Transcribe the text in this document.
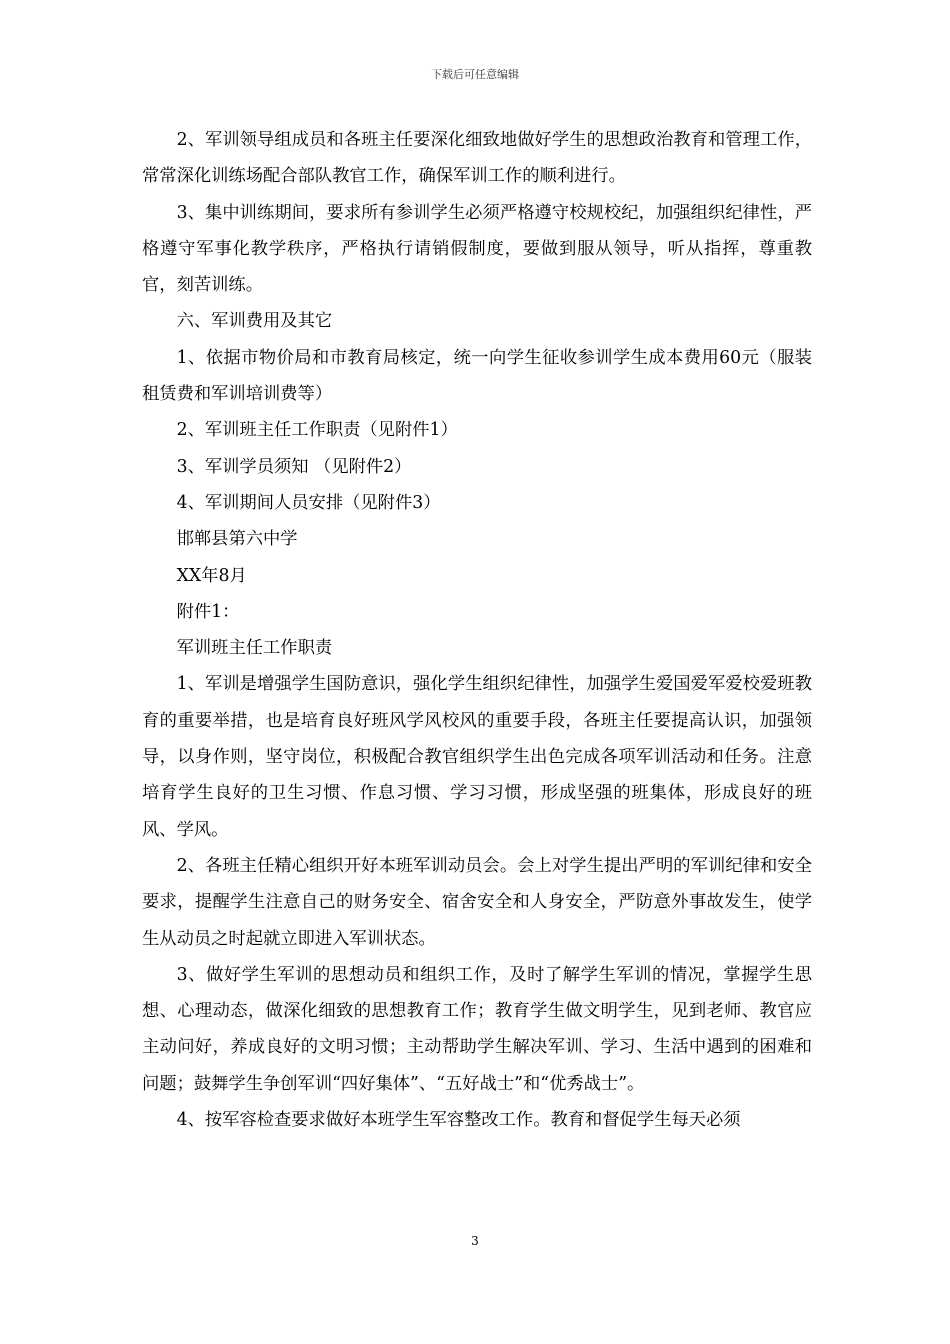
下载后可任意编辑

2、军训领导组成员和各班主任要深化细致地做好学生的思想政治教育和管理工作，常常深化训练场配合部队教官工作，确保军训工作的顺利进行。

3、集中训练期间，要求所有参训学生必须严格遵守校规校纪，加强组织纪律性，严格遵守军事化教学秩序，严格执行请销假制度，要做到服从领导，听从指挥，尊重教官，刻苦训练。

六、军训费用及其它

1、依据市物价局和市教育局核定，统一向学生征收参训学生成本费用60元（服装租赁费和军训培训费等）

2、军训班主任工作职责（见附件1）

3、军训学员须知 （见附件2）

4、军训期间人员安排（见附件3）

邯郸县第六中学

XX年8月

附件1：

军训班主任工作职责

1、军训是增强学生国防意识，强化学生组织纪律性，加强学生爱国爱军爱校爱班教育的重要举措，也是培育良好班风学风校风的重要手段，各班主任要提高认识，加强领导，以身作则，坚守岗位，积极配合教官组织学生出色完成各项军训活动和任务。注意培育学生良好的卫生习惯、作息习惯、学习习惯，形成坚强的班集体，形成良好的班风、学风。

2、各班主任精心组织开好本班军训动员会。会上对学生提出严明的军训纪律和安全要求，提醒学生注意自己的财务安全、宿舍安全和人身安全，严防意外事故发生，使学生从动员之时起就立即进入军训状态。

3、做好学生军训的思想动员和组织工作，及时了解学生军训的情况，掌握学生思想、心理动态，做深化细致的思想教育工作；教育学生做文明学生，见到老师、教官应主动问好，养成良好的文明习惯；主动帮助学生解决军训、学习、生活中遇到的困难和问题；鼓舞学生争创军训“四好集体”、“五好战士”和“优秀战士”。

4、按军容检查要求做好本班学生军容整改工作。教育和督促学生每天必须

3
